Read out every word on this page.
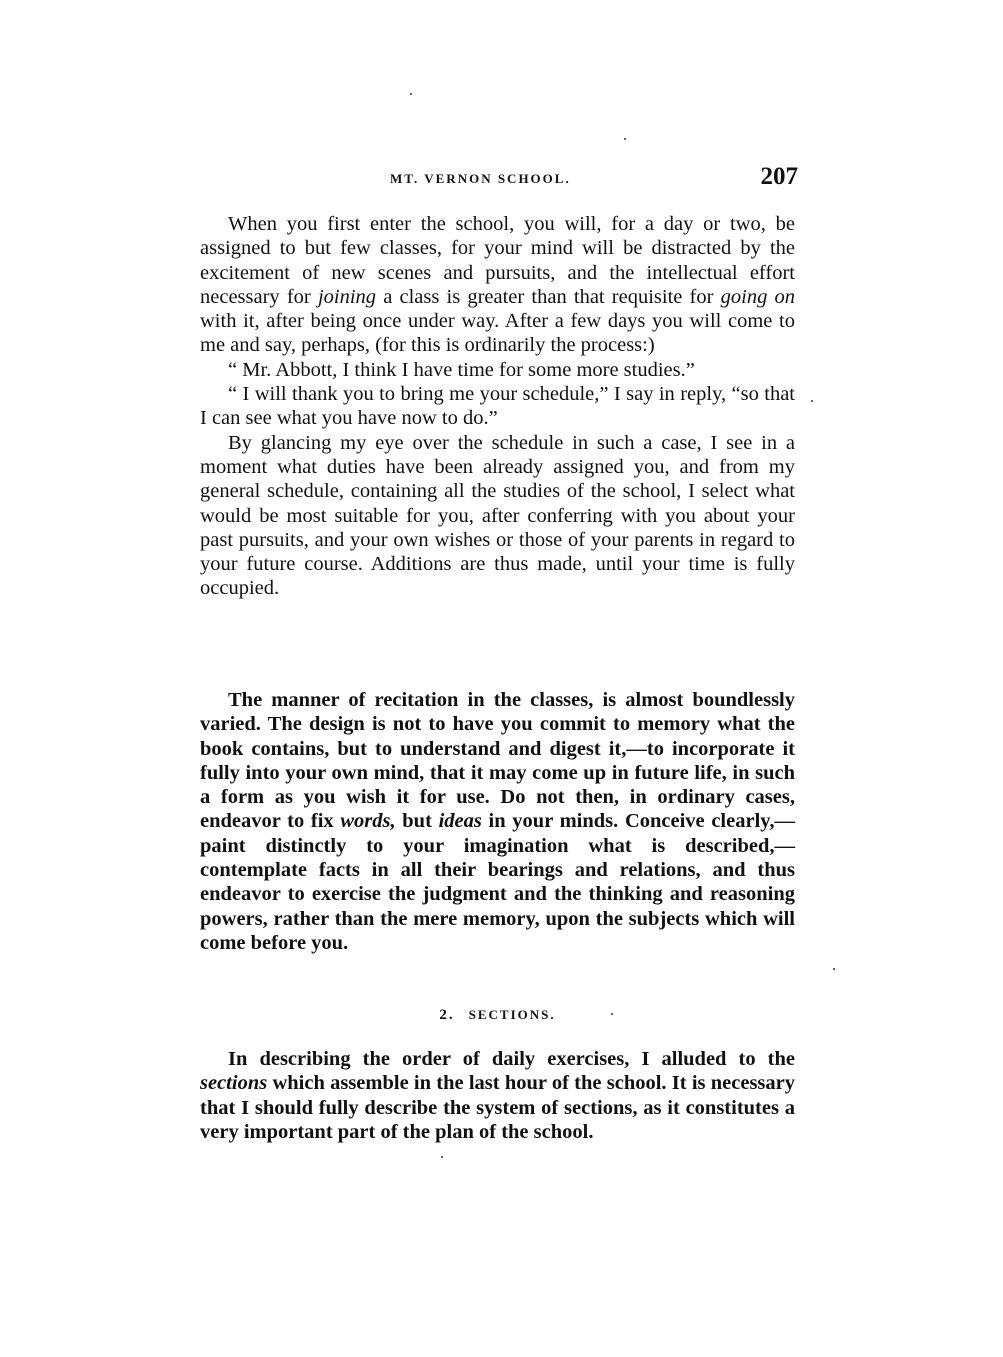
MT. VERNON SCHOOL.	207

When you first enter the school, you will, for a day or two, be assigned to but few classes, for your mind will be distracted by the excitement of new scenes and pursuits, and the intellectual effort necessary for joining a class is greater than that requisite for going on with it, after being once under way. After a few days you will come to me and say, perhaps, (for this is ordinarily the process:)

“ Mr. Abbott, I think I have time for some more studies.”

“ I will thank you to bring me your schedule,” I say in reply, “so that I can see what you have now to do.”

By glancing my eye over the schedule in such a case, I see in a moment what duties have been already assigned you, and from my general schedule, containing all the studies of the school, I select what would be most suitable for you, after conferring with you about your past pursuits, and your own wishes or those of your parents in regard to your future course. Additions are thus made, until your time is fully occupied.

The manner of recitation in the classes, is almost boundlessly varied. The design is not to have you commit to memory what the book contains, but to understand and digest it,—to incorporate it fully into your own mind, that it may come up in future life, in such a form as you wish it for use. Do not then, in ordinary cases, endeavor to fix words, but ideas in your minds. Conceive clearly,—paint distinctly to your imagination what is described,—contemplate facts in all their bearings and relations, and thus endeavor to exercise the judgment and the thinking and reasoning powers, rather than the mere memory, upon the subjects which will come before you.

2. SECTIONS.

In describing the order of daily exercises, I alluded to the sections which assemble in the last hour of the school. It is necessary that I should fully describe the system of sections, as it constitutes a very important part of the plan of the school.
